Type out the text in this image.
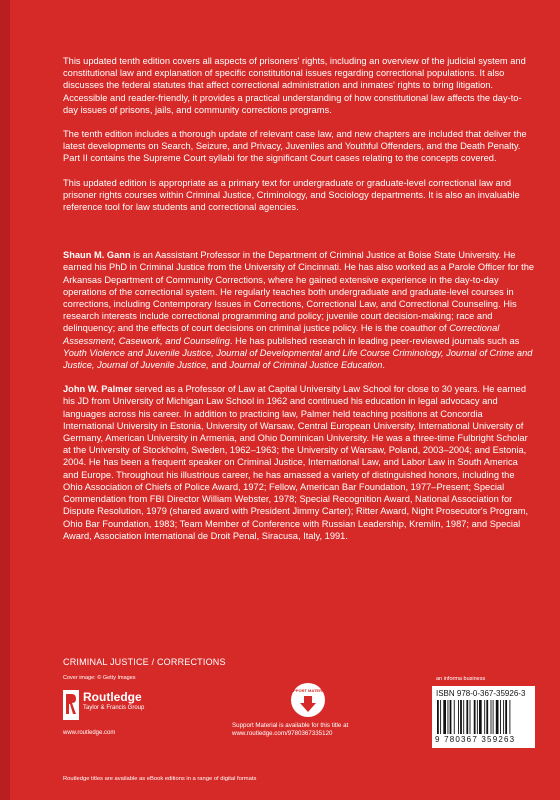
This updated tenth edition covers all aspects of prisoners' rights, including an overview of the judicial system and constitutional law and explanation of specific constitutional issues regarding correctional populations. It also discusses the federal statutes that affect correctional administration and inmates' rights to bring litigation. Accessible and reader-friendly, it provides a practical understanding of how constitutional law affects the day-to-day issues of prisons, jails, and community corrections programs.

The tenth edition includes a thorough update of relevant case law, and new chapters are included that deliver the latest developments on Search, Seizure, and Privacy, Juveniles and Youthful Offenders, and the Death Penalty. Part II contains the Supreme Court syllabi for the significant Court cases relating to the concepts covered.

This updated edition is appropriate as a primary text for undergraduate or graduate-level correctional law and prisoner rights courses within Criminal Justice, Criminology, and Sociology departments. It is also an invaluable reference tool for law students and correctional agencies.

Shaun M. Gann is an Aassistant Professor in the Department of Criminal Justice at Boise State University. He earned his PhD in Criminal Justice from the University of Cincinnati. He has also worked as a Parole Officer for the Arkansas Department of Community Corrections, where he gained extensive experience in the day-to-day operations of the correctional system. He regularly teaches both undergraduate and graduate-level courses in corrections, including Contemporary Issues in Corrections, Correctional Law, and Correctional Counseling. His research interests include correctional programming and policy; juvenile court decision-making; race and delinquency; and the effects of court decisions on criminal justice policy. He is the coauthor of Correctional Assessment, Casework, and Counseling. He has published research in leading peer-reviewed journals such as Youth Violence and Juvenile Justice, Journal of Developmental and Life Course Criminology, Journal of Crime and Justice, Journal of Juvenile Justice, and Journal of Criminal Justice Education.

John W. Palmer served as a Professor of Law at Capital University Law School for close to 30 years. He earned his JD from University of Michigan Law School in 1962 and continued his education in legal advocacy and languages across his career. In addition to practicing law, Palmer held teaching positions at Concordia International University in Estonia, University of Warsaw, Central European University, International University of Germany, American University in Armenia, and Ohio Dominican University. He was a three-time Fulbright Scholar at the University of Stockholm, Sweden, 1962–1963; the University of Warsaw, Poland, 2003–2004; and Estonia, 2004. He has been a frequent speaker on Criminal Justice, International Law, and Labor Law in South America and Europe. Throughout his illustrious career, he has amassed a variety of distinguished honors, including the Ohio Association of Chiefs of Police Award, 1972; Fellow, American Bar Foundation, 1977–Present; Special Commendation from FBI Director William Webster, 1978; Special Recognition Award, National Association for Dispute Resolution, 1979 (shared award with President Jimmy Carter); Ritter Award, Night Prosecutor's Program, Ohio Bar Foundation, 1983; Team Member of Conference with Russian Leadership, Kremlin, 1987; and Special Award, Association International de Droit Penal, Siracusa, Italy, 1991.

CRIMINAL JUSTICE / CORRECTIONS
Cover image: © Getty Images
Routledge
Taylor & Francis Group
www.routledge.com
SUPPORT MATERIAL
Support Material is available for this title at www.routledge.com/9780367335120
an informa business
ISBN 978-0-367-35926-3
9 780367 359263
Routledge titles are available as eBook editions in a range of digital formats
